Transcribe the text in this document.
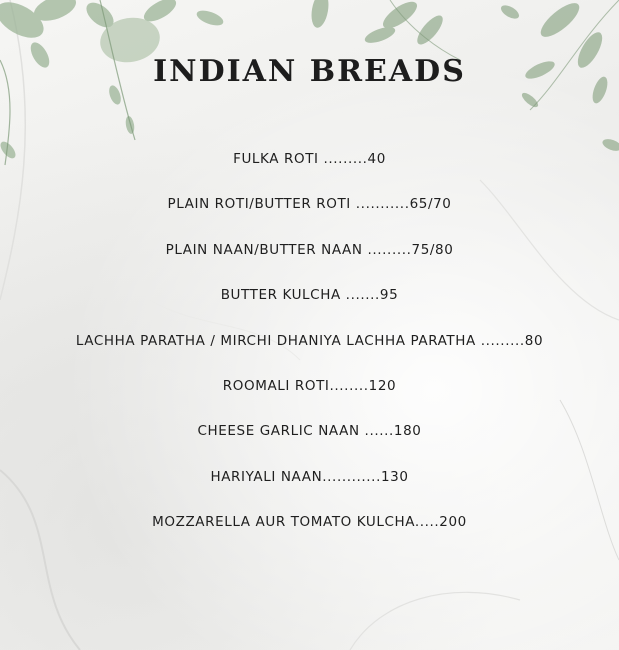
INDIAN BREADS
FULKA ROTI .........40
PLAIN ROTI/BUTTER ROTI ...........65/70
PLAIN NAAN/BUTTER NAAN .........75/80
BUTTER KULCHA .......95
LACHHA PARATHA / MIRCHI DHANIYA LACHHA PARATHA .........80
ROOMALI ROTI........120
CHEESE GARLIC NAAN ......180
HARIYALI NAAN............130
MOZZARELLA AUR TOMATO KULCHA.....200
